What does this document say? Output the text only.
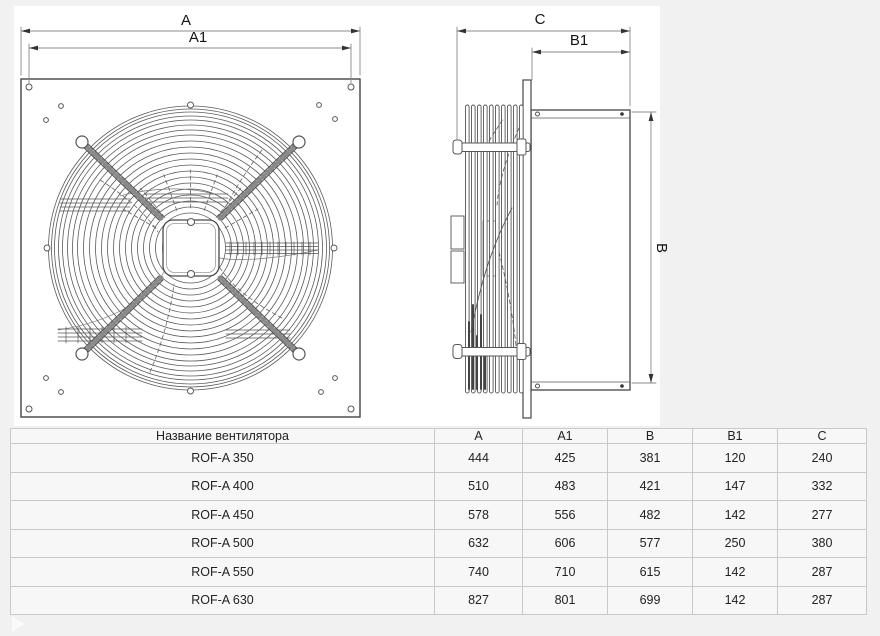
A
A1
C
B1
B
Название вентилятора	A	A1	B	B1	C
ROF-A 350	444	425	381	120	240
ROF-A 400	510	483	421	147	332
ROF-A 450	578	556	482	142	277
ROF-A 500	632	606	577	250	380
ROF-A 550	740	710	615	142	287
ROF-A 630	827	801	699	142	287
